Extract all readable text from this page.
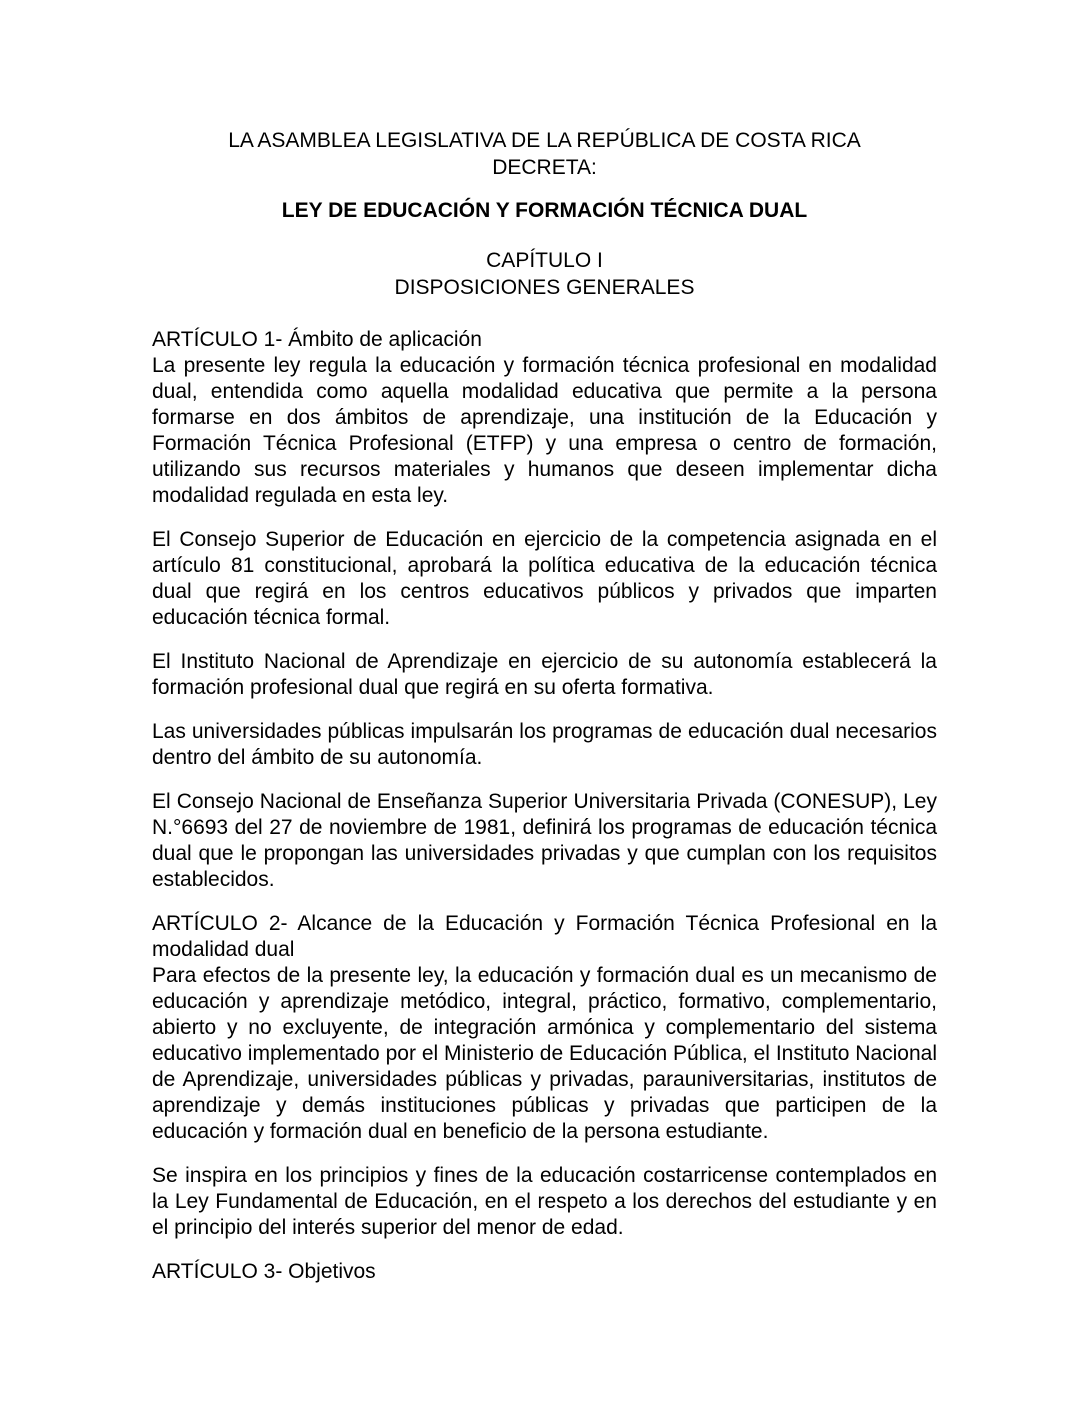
LA ASAMBLEA LEGISLATIVA DE LA REPÚBLICA DE COSTA RICA

DECRETA:

LEY DE EDUCACIÓN Y FORMACIÓN TÉCNICA DUAL

CAPÍTULO I

DISPOSICIONES GENERALES

ARTÍCULO 1- Ámbito de aplicación
La presente ley regula la educación y formación técnica profesional en modalidad dual, entendida como aquella modalidad educativa que permite a la persona formarse en dos ámbitos de aprendizaje, una institución de la Educación y Formación Técnica Profesional (ETFP) y una empresa o centro de formación, utilizando sus recursos materiales y humanos que deseen implementar dicha modalidad regulada en esta ley.

El Consejo Superior de Educación en ejercicio de la competencia asignada en el artículo 81 constitucional, aprobará la política educativa de la educación técnica dual que regirá en los centros educativos públicos y privados que imparten educación técnica formal.

El Instituto Nacional de Aprendizaje en ejercicio de su autonomía establecerá la formación profesional dual que regirá en su oferta formativa.

Las universidades públicas impulsarán los programas de educación dual necesarios dentro del ámbito de su autonomía.

El Consejo Nacional de Enseñanza Superior Universitaria Privada (CONESUP), Ley N.°6693 del 27 de noviembre de 1981, definirá los programas de educación técnica dual que le propongan las universidades privadas y que cumplan con los requisitos establecidos.

ARTÍCULO 2- Alcance de la Educación y Formación Técnica Profesional en la modalidad dual
Para efectos de la presente ley, la educación y formación dual es un mecanismo de educación y aprendizaje metódico, integral, práctico, formativo, complementario, abierto y no excluyente, de integración armónica y complementario del sistema educativo implementado por el Ministerio de Educación Pública, el Instituto Nacional de Aprendizaje, universidades públicas y privadas, parauniversitarias, institutos de aprendizaje y demás instituciones públicas y privadas que participen de la educación y formación dual en beneficio de la persona estudiante.

Se inspira en los principios y fines de la educación costarricense contemplados en la Ley Fundamental de Educación, en el respeto a los derechos del estudiante y en el principio del interés superior del menor de edad.

ARTÍCULO 3- Objetivos
